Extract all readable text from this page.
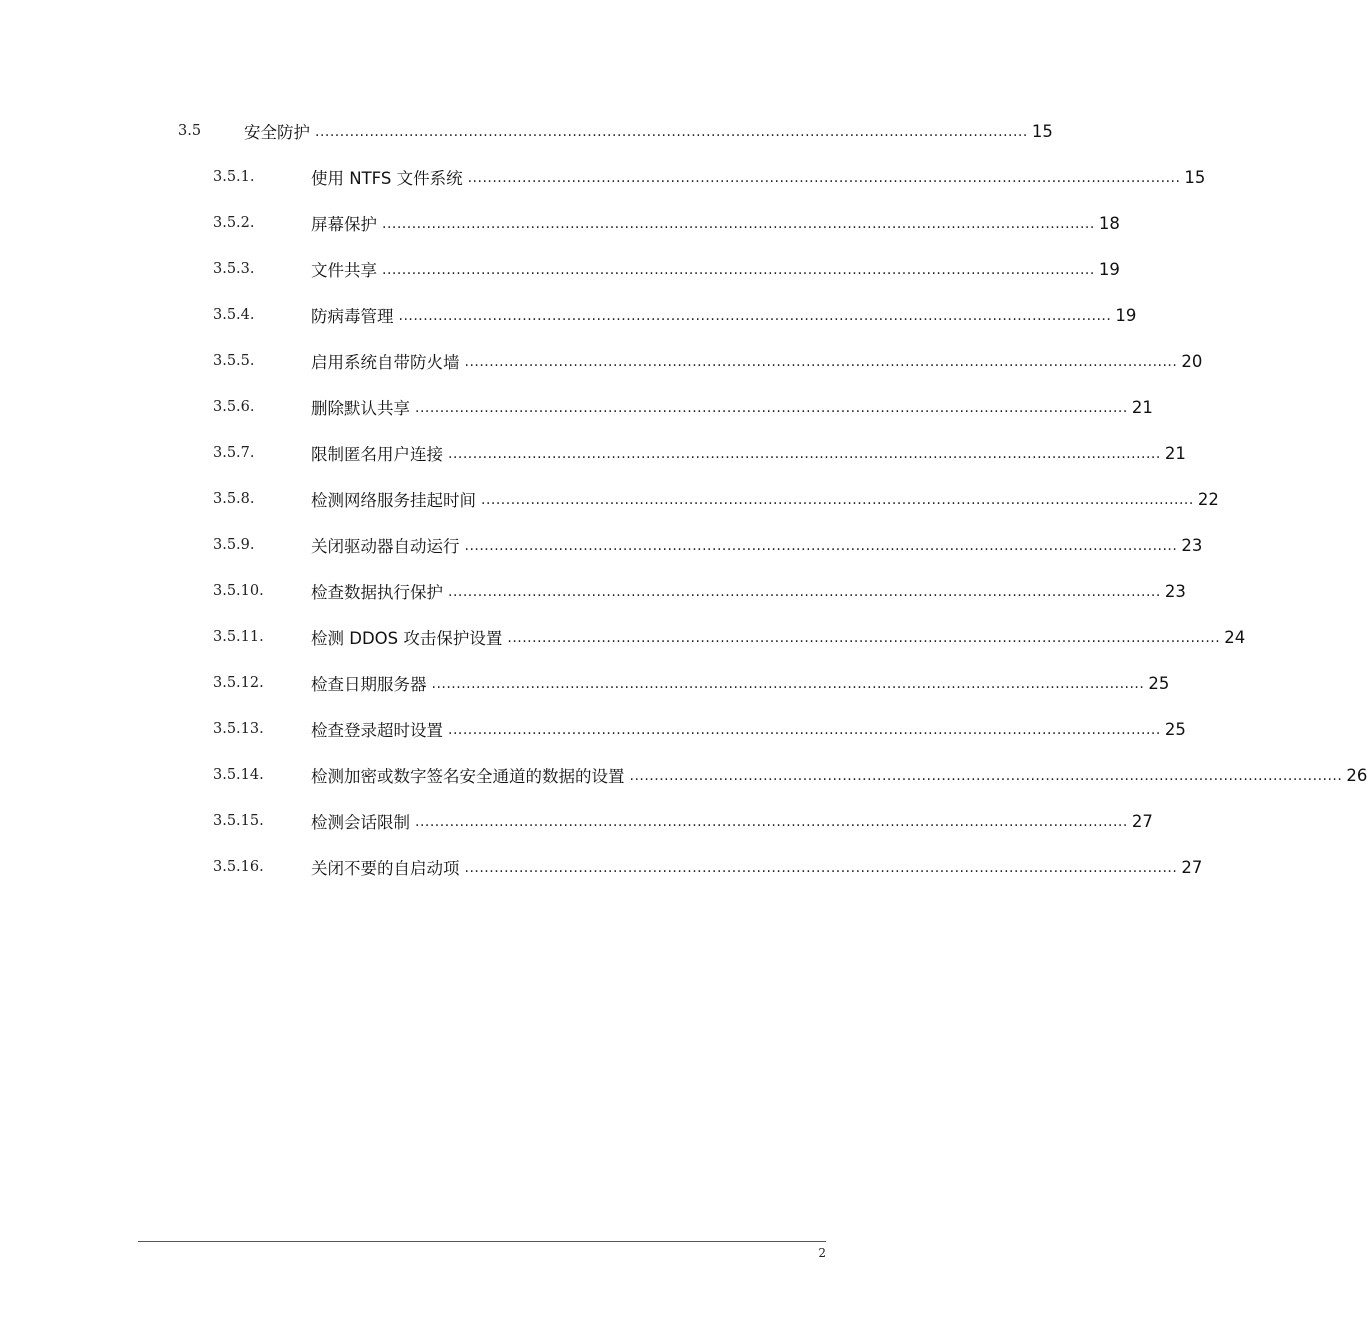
3.5	安全防护 ................................................................................................................................................ 15
3.5.1.	使用 NTFS 文件系统 ................................................................................................................................................ 15
3.5.2.	屏幕保护 ................................................................................................................................................ 18
3.5.3.	文件共享 ................................................................................................................................................ 19
3.5.4.	防病毒管理 ................................................................................................................................................ 19
3.5.5.	启用系统自带防火墙 ................................................................................................................................................ 20
3.5.6.	删除默认共享 ................................................................................................................................................ 21
3.5.7.	限制匿名用户连接 ................................................................................................................................................ 21
3.5.8.	检测网络服务挂起时间 ................................................................................................................................................ 22
3.5.9.	关闭驱动器自动运行 ................................................................................................................................................ 23
3.5.10.	检查数据执行保护 ................................................................................................................................................ 23
3.5.11.	检测 DDOS 攻击保护设置 ................................................................................................................................................ 24
3.5.12.	检查日期服务器 ................................................................................................................................................ 25
3.5.13.	检查登录超时设置 ................................................................................................................................................ 25
3.5.14.	检测加密或数字签名安全通道的数据的设置 ................................................................................................................................................ 26
3.5.15.	检测会话限制 ................................................................................................................................................ 27
3.5.16.	关闭不要的自启动项 ................................................................................................................................................ 27
2
